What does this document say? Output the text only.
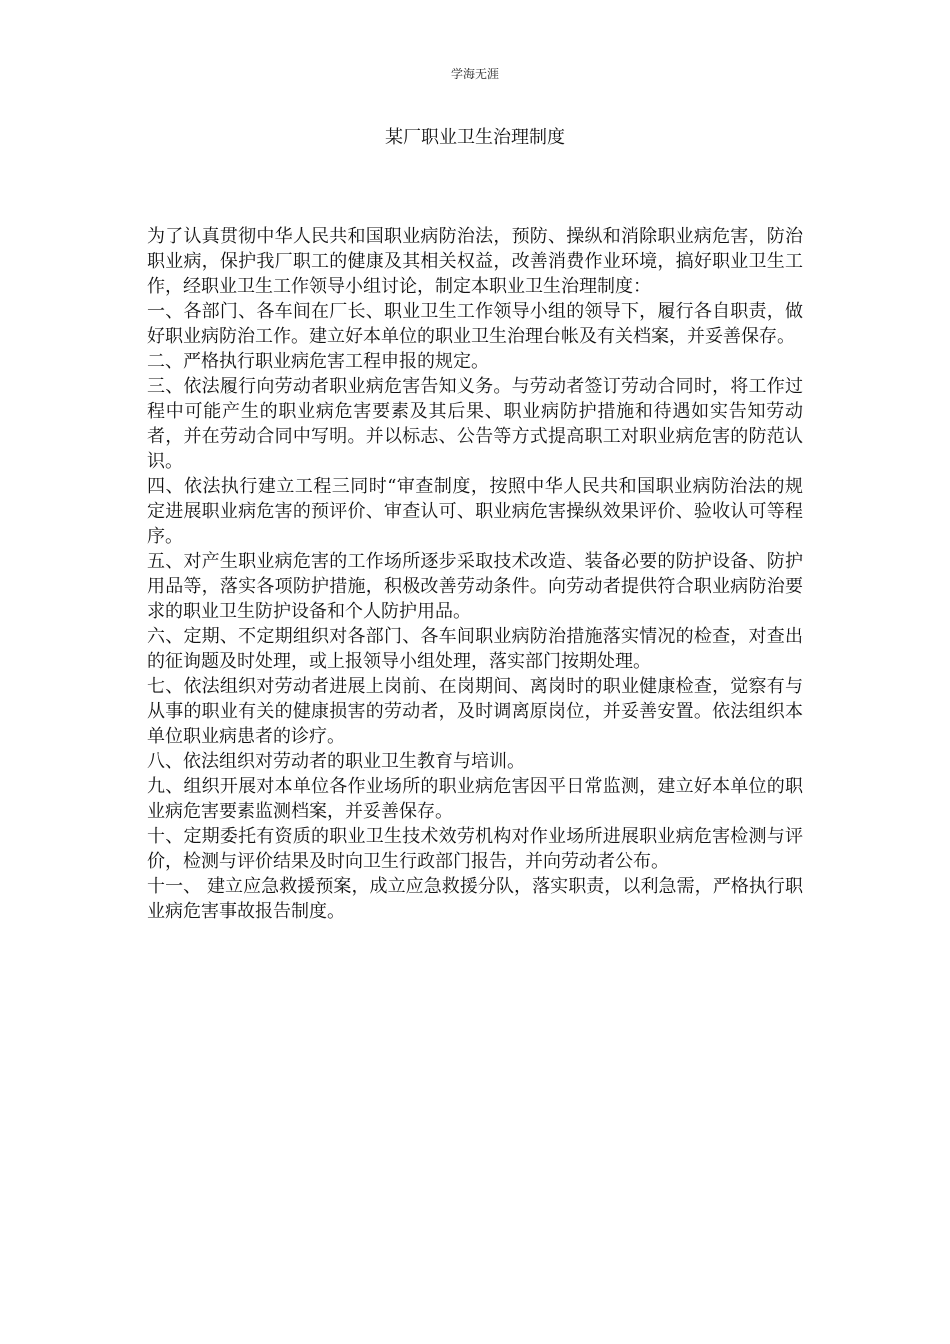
学海无涯
某厂职业卫生治理制度

为了认真贯彻中华人民共和国职业病防治法，预防、操纵和消除职业病危害，防治职业病，保护我厂职工的健康及其相关权益，改善消费作业环境，搞好职业卫生工作，经职业卫生工作领导小组讨论，制定本职业卫生治理制度：

一、各部门、各车间在厂长、职业卫生工作领导小组的领导下，履行各自职责，做好职业病防治工作。建立好本单位的职业卫生治理台帐及有关档案，并妥善保存。

二、严格执行职业病危害工程申报的规定。

三、依法履行向劳动者职业病危害告知义务。与劳动者签订劳动合同时，将工作过程中可能产生的职业病危害要素及其后果、职业病防护措施和待遇如实告知劳动者，并在劳动合同中写明。并以标志、公告等方式提高职工对职业病危害的防范认识。

四、依法执行建立工程三同时“审查制度，按照中华人民共和国职业病防治法的规定进展职业病危害的预评价、审查认可、职业病危害操纵效果评价、验收认可等程序。

五、对产生职业病危害的工作场所逐步采取技术改造、装备必要的防护设备、防护用品等，落实各项防护措施，积极改善劳动条件。向劳动者提供符合职业病防治要求的职业卫生防护设备和个人防护用品。

六、定期、不定期组织对各部门、各车间职业病防治措施落实情况的检查，对查出的征询题及时处理，或上报领导小组处理，落实部门按期处理。

七、依法组织对劳动者进展上岗前、在岗期间、离岗时的职业健康检查，觉察有与从事的职业有关的健康损害的劳动者，及时调离原岗位，并妥善安置。依法组织本单位职业病患者的诊疗。

八、依法组织对劳动者的职业卫生教育与培训。

九、组织开展对本单位各作业场所的职业病危害因平日常监测，建立好本单位的职业病危害要素监测档案，并妥善保存。

十、定期委托有资质的职业卫生技术效劳机构对作业场所进展职业病危害检测与评价，检测与评价结果及时向卫生行政部门报告，并向劳动者公布。

十一、 建立应急救援预案，成立应急救援分队，落实职责，以利急需，严格执行职业病危害事故报告制度。
